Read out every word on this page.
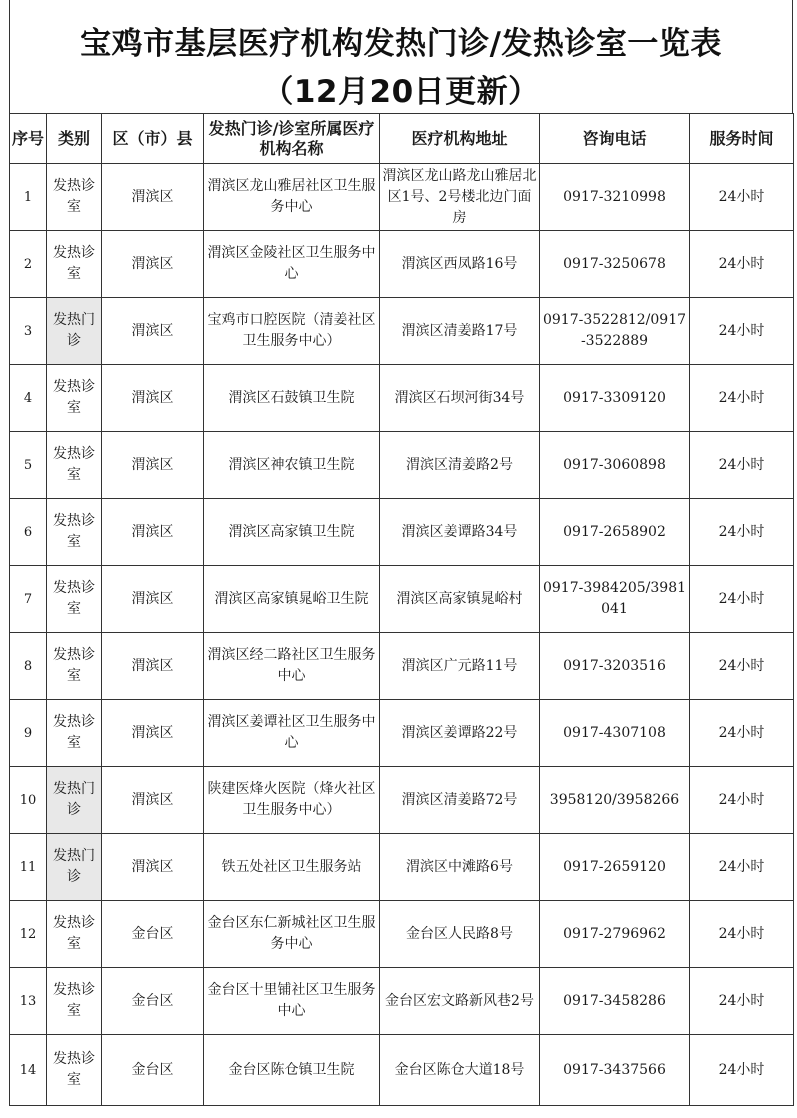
宝鸡市基层医疗机构发热门诊/发热诊室一览表
（12月20日更新）
序号	类别	区（市）县	发热门诊/诊室所属医疗机构名称	医疗机构地址	咨询电话	服务时间
1	发热诊室	渭滨区	渭滨区龙山雅居社区卫生服务中心	渭滨区龙山路龙山雅居北区1号、2号楼北边门面房	0917-3210998	24小时
2	发热诊室	渭滨区	渭滨区金陵社区卫生服务中心	渭滨区西凤路16号	0917-3250678	24小时
3	发热门诊	渭滨区	宝鸡市口腔医院（清姜社区卫生服务中心）	渭滨区清姜路17号	0917-3522812/0917-3522889	24小时
4	发热诊室	渭滨区	渭滨区石鼓镇卫生院	渭滨区石坝河街34号	0917-3309120	24小时
5	发热诊室	渭滨区	渭滨区神农镇卫生院	渭滨区清姜路2号	0917-3060898	24小时
6	发热诊室	渭滨区	渭滨区高家镇卫生院	渭滨区姜谭路34号	0917-2658902	24小时
7	发热诊室	渭滨区	渭滨区高家镇晁峪卫生院	渭滨区高家镇晁峪村	0917-3984205/3981041	24小时
8	发热诊室	渭滨区	渭滨区经二路社区卫生服务中心	渭滨区广元路11号	0917-3203516	24小时
9	发热诊室	渭滨区	渭滨区姜谭社区卫生服务中心	渭滨区姜谭路22号	0917-4307108	24小时
10	发热门诊	渭滨区	陕建医烽火医院（烽火社区卫生服务中心）	渭滨区清姜路72号	3958120/3958266	24小时
11	发热门诊	渭滨区	铁五处社区卫生服务站	渭滨区中滩路6号	0917-2659120	24小时
12	发热诊室	金台区	金台区东仁新城社区卫生服务中心	金台区人民路8号	0917-2796962	24小时
13	发热诊室	金台区	金台区十里铺社区卫生服务中心	金台区宏文路新风巷2号	0917-3458286	24小时
14	发热诊室	金台区	金台区陈仓镇卫生院	金台区陈仓大道18号	0917-3437566	24小时
